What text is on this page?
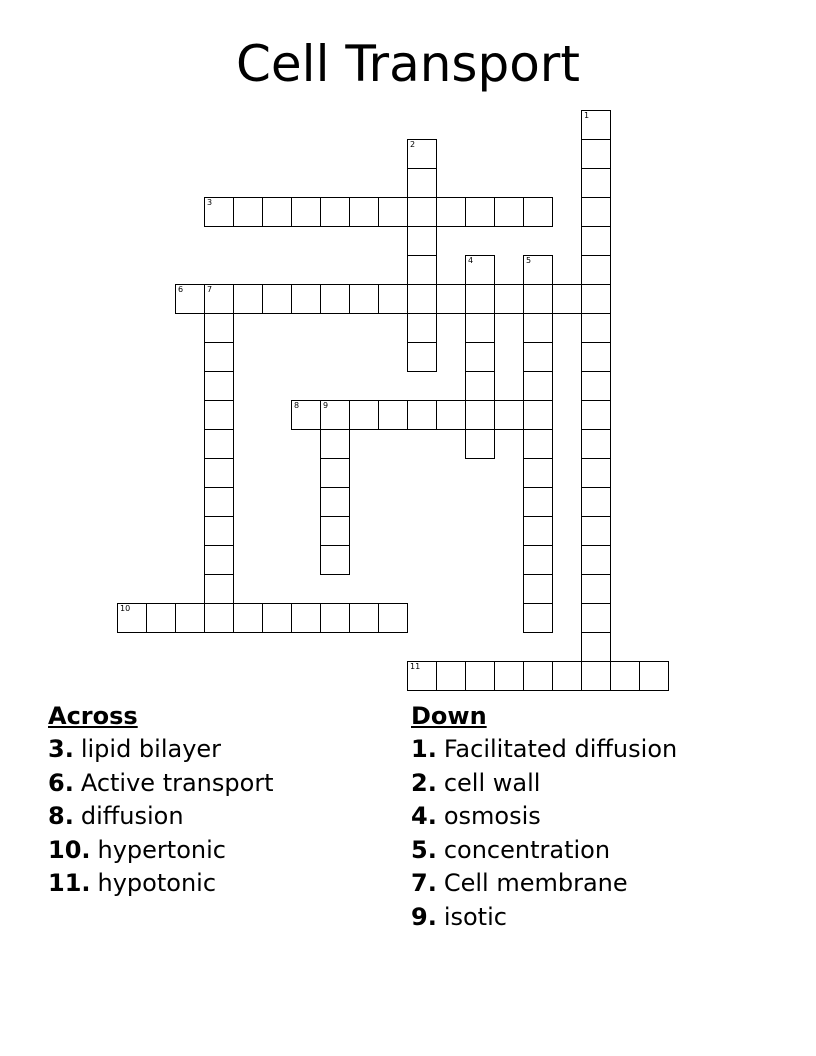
Cell Transport
1
2
3
4	5
6	7
8	9
10
11
Across
3. lipid bilayer
6. Active transport
8. diffusion
10. hypertonic
11. hypotonic
Down
1. Facilitated diffusion
2. cell wall
4. osmosis
5. concentration
7. Cell membrane
9. isotic
